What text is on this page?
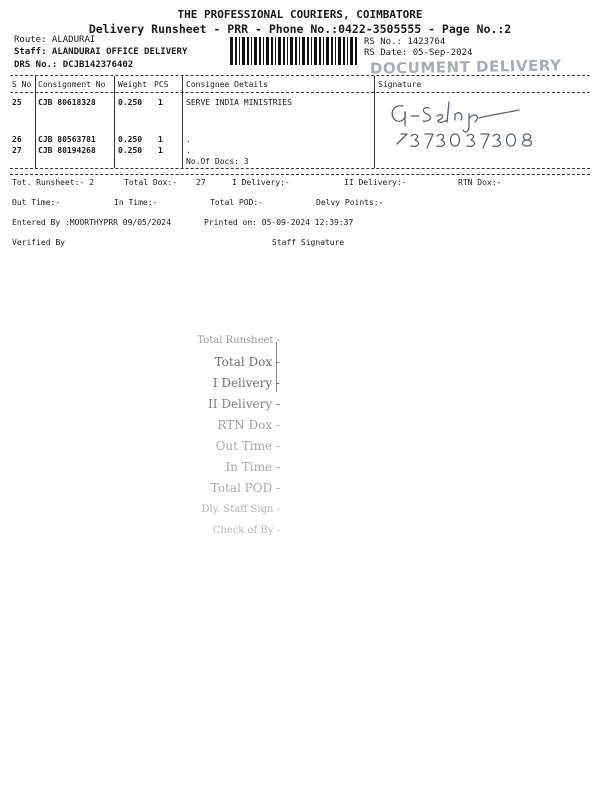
THE PROFESSIONAL COURIERS, COIMBATORE
Delivery Runsheet - PRR - Phone No.:0422-3505555 - Page No.:2
Route: ALADURAI
Staff: ALANDURAI OFFICE DELIVERY
DRS No.: DCJB142376402
RS No.: 1423764
RS Date: 05-Sep-2024
DOCUMENT DELIVERY
S No Consignment No Weight PCS Consignee Details	Signature
25 CJB 80618328	0.250 1	SERVE INDIA MINISTRIES
26 CJB 80563781	0.250 1	.
27 CJB 80194268	0.250 1	.
No.Of Docs: 3
Tot. Runsheet:- 2	Total Dox:- 27	I Delivery:-	II Delivery:-	RTN Dox:-
Out Time:-	In Time:-	Total POD:-	Delvy Points:-
Entered By :MOORTHYPRR 09/05/2024	Printed on: 05-09-2024 12:39:37
Verified By	Staff Signature
Total Runsheet -
Total Dox -
I Delivery -
II Delivery -
RTN Dox -
Out Time -
In Time -
Total POD -
Dly. Staff Sign -
Check of By -
